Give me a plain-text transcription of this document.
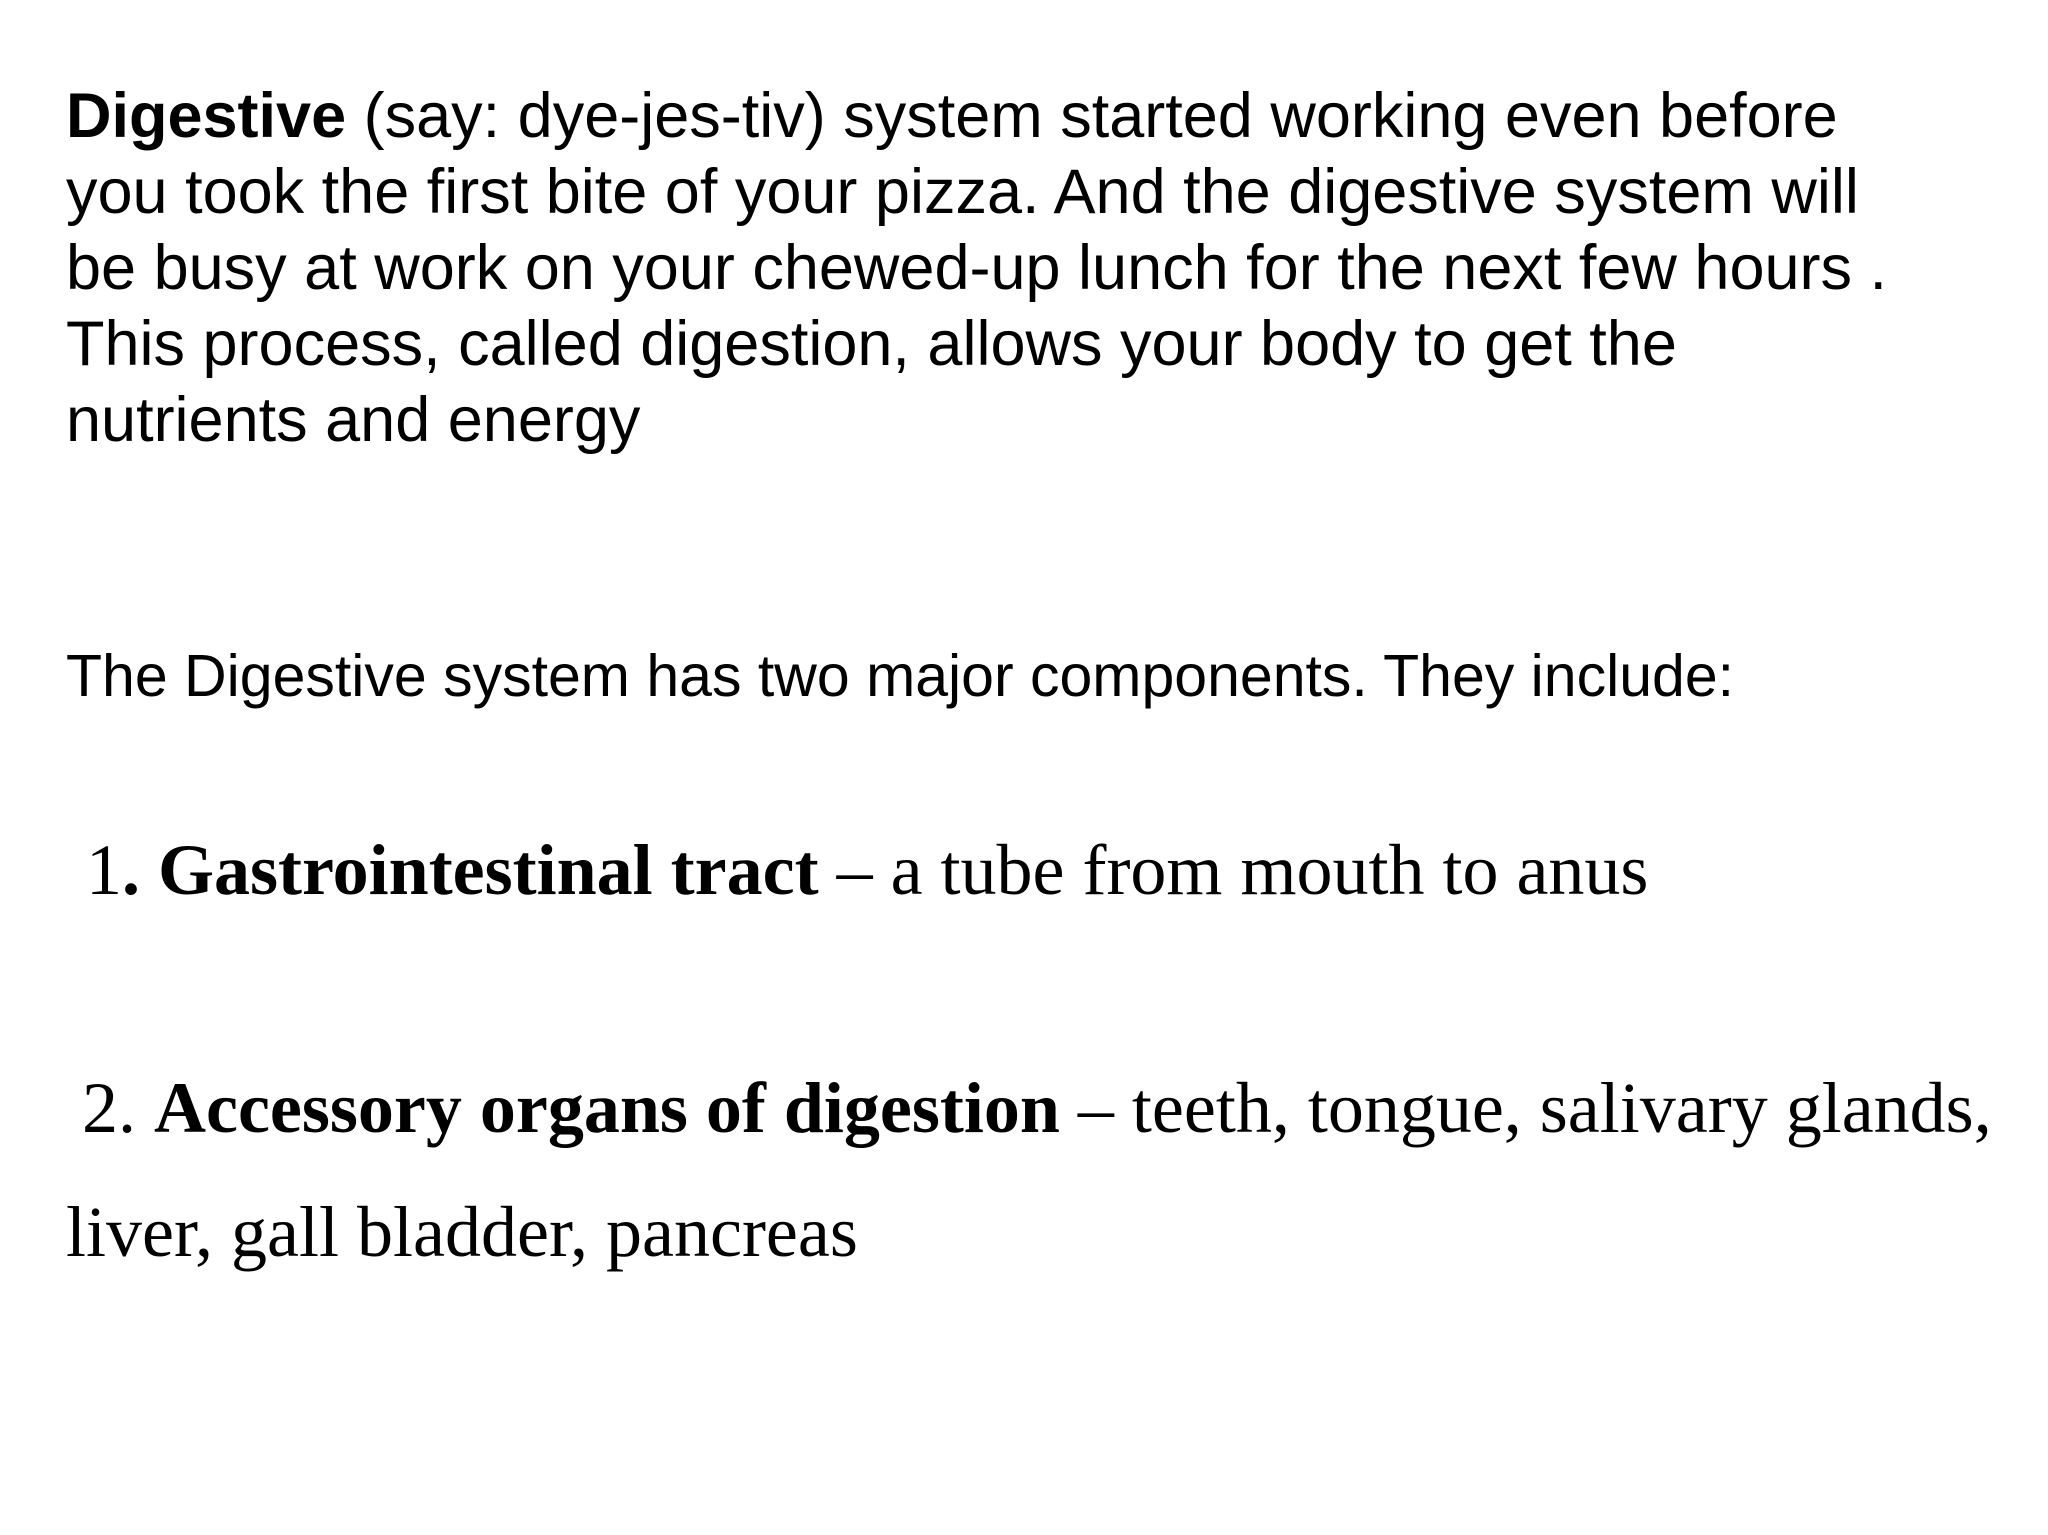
Digestive (say: dye-jes-tiv) system started working even before
you took the first bite of your pizza. And the digestive system will
be busy at work on your chewed-up lunch for the next few hours .
This process, called digestion, allows your body to get the
nutrients and energy

The Digestive system has two major components. They include:

1. Gastrointestinal tract – a tube from mouth to anus

2. Accessory organs of digestion – teeth, tongue, salivary glands, liver, gall bladder, pancreas
